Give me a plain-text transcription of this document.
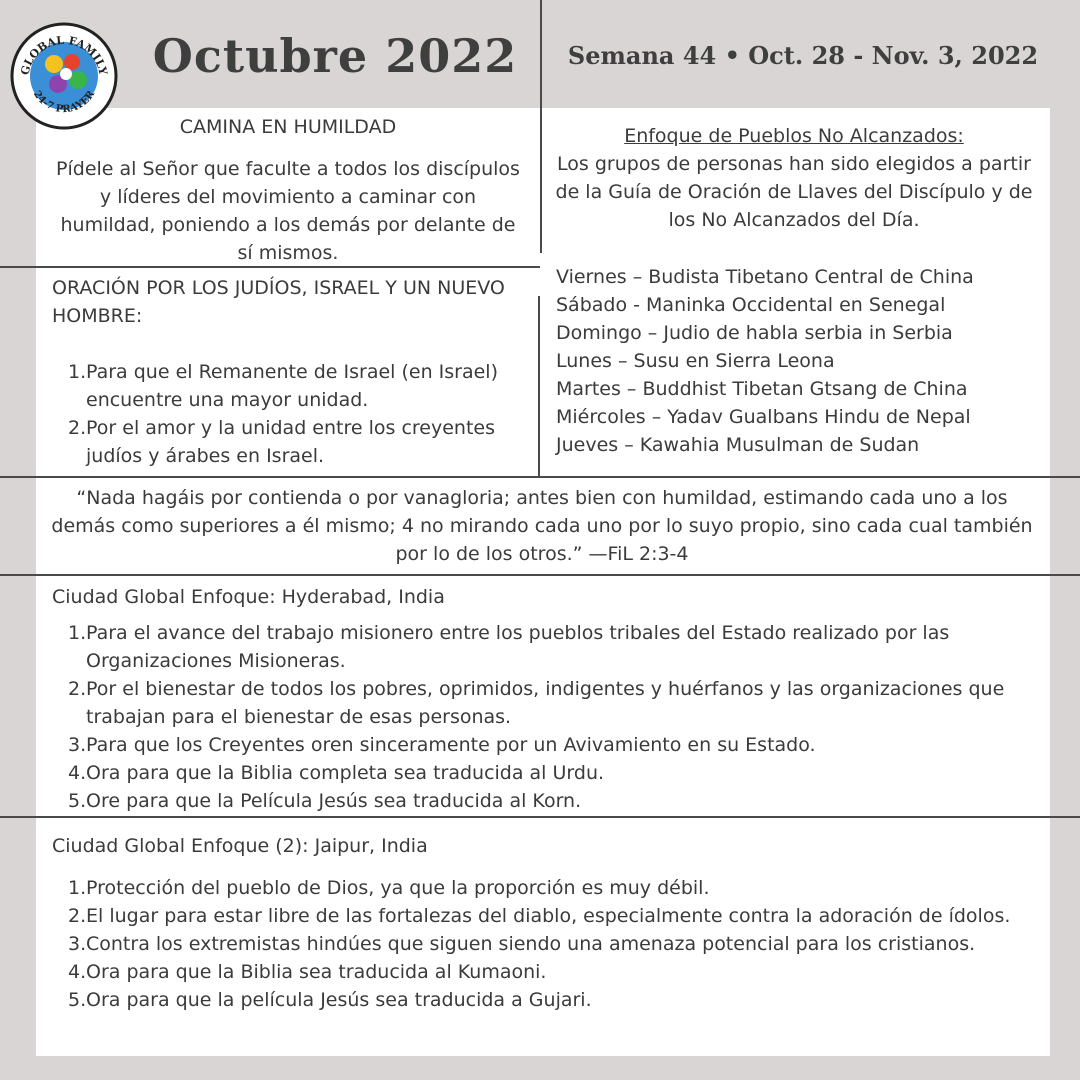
GLOBAL FAMILY
24-7 PRAYER
Octubre 2022	Semana 44 • Oct. 28 - Nov. 3, 2022
CAMINA EN HUMILDAD
Pídele al Señor que faculte a todos los discípulos y líderes del movimiento a caminar con humildad, poniendo a los demás por delante de sí mismos.
Enfoque de Pueblos No Alcanzados:
Los grupos de personas han sido elegidos a partir de la Guía de Oración de Llaves del Discípulo y de los No Alcanzados del Día.
Viernes – Budista Tibetano Central de China
Sábado - Maninka Occidental en Senegal
Domingo – Judio de habla serbia in Serbia
Lunes – Susu en Sierra Leona
Martes – Buddhist Tibetan Gtsang de China
Miércoles – Yadav Gualbans Hindu de Nepal
Jueves – Kawahia Musulman de Sudan
ORACIÓN POR LOS JUDÍOS, ISRAEL Y UN NUEVO HOMBRE:
1. Para que el Remanente de Israel (en Israel) encuentre una mayor unidad.
2. Por el amor y la unidad entre los creyentes judíos y árabes en Israel.
“Nada hagáis por contienda o por vanagloria; antes bien con humildad, estimando cada uno a los demás como superiores a él mismo; 4 no mirando cada uno por lo suyo propio, sino cada cual también por lo de los otros.” —FiL 2:3-4
Ciudad Global Enfoque: Hyderabad, India
1. Para el avance del trabajo misionero entre los pueblos tribales del Estado realizado por las Organizaciones Misioneras.
2. Por el bienestar de todos los pobres, oprimidos, indigentes y huérfanos y las organizaciones que trabajan para el bienestar de esas personas.
3. Para que los Creyentes oren sinceramente por un Avivamiento en su Estado.
4. Ora para que la Biblia completa sea traducida al Urdu.
5. Ore para que la Película Jesús sea traducida al Korn.
Ciudad Global Enfoque (2): Jaipur, India
1. Protección del pueblo de Dios, ya que la proporción es muy débil.
2. El lugar para estar libre de las fortalezas del diablo, especialmente contra la adoración de ídolos.
3. Contra los extremistas hindúes que siguen siendo una amenaza potencial para los cristianos.
4. Ora para que la Biblia sea traducida al Kumaoni.
5. Ora para que la película Jesús sea traducida a Gujari.
